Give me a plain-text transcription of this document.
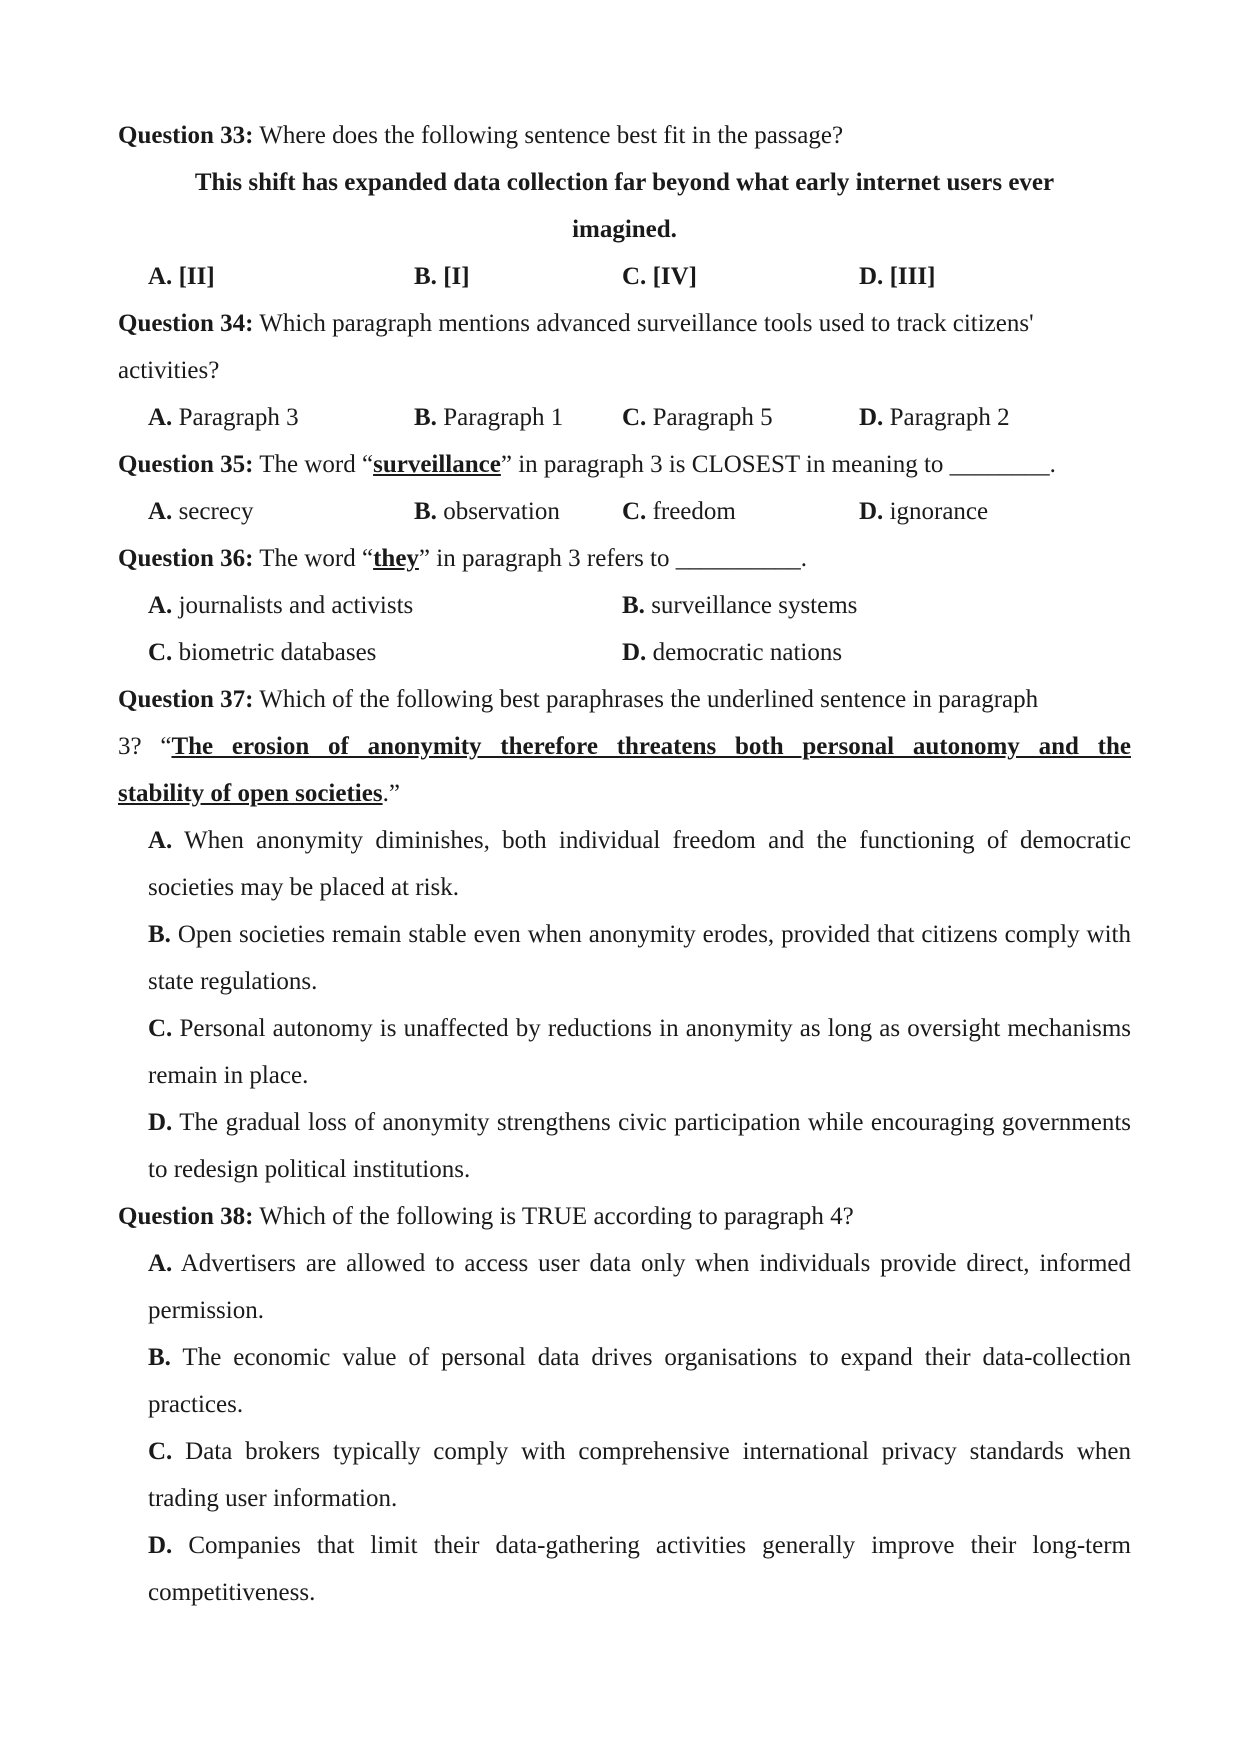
Question 33: Where does the following sentence best fit in the passage?
This shift has expanded data collection far beyond what early internet users ever
imagined.
A. [II]	B. [I]	C. [IV]	D. [III]
Question 34: Which paragraph mentions advanced surveillance tools used to track citizens'
activities?
A. Paragraph 3	B. Paragraph 1 C. Paragraph 5	D. Paragraph 2
Question 35: The word “surveillance” in paragraph 3 is CLOSEST in meaning to ________.
A. secrecy	B. observation C. freedom	D. ignorance
Question 36: The word “they” in paragraph 3 refers to __________.
A. journalists and activists	B. surveillance systems
C. biometric databases	D. democratic nations
Question 37: Which of the following best paraphrases the underlined sentence in paragraph
3? “The erosion of anonymity therefore threatens both personal autonomy and the
stability of open societies.”
A. When anonymity diminishes, both individual freedom and the functioning of democratic societies may be placed at risk.
B. Open societies remain stable even when anonymity erodes, provided that citizens comply with state regulations.
C. Personal autonomy is unaffected by reductions in anonymity as long as oversight mechanisms remain in place.
D. The gradual loss of anonymity strengthens civic participation while encouraging governments to redesign political institutions.
Question 38: Which of the following is TRUE according to paragraph 4?
A. Advertisers are allowed to access user data only when individuals provide direct, informed permission.
B. The economic value of personal data drives organisations to expand their data-collection practices.
C. Data brokers typically comply with comprehensive international privacy standards when trading user information.
D. Companies that limit their data-gathering activities generally improve their long-term competitiveness.
